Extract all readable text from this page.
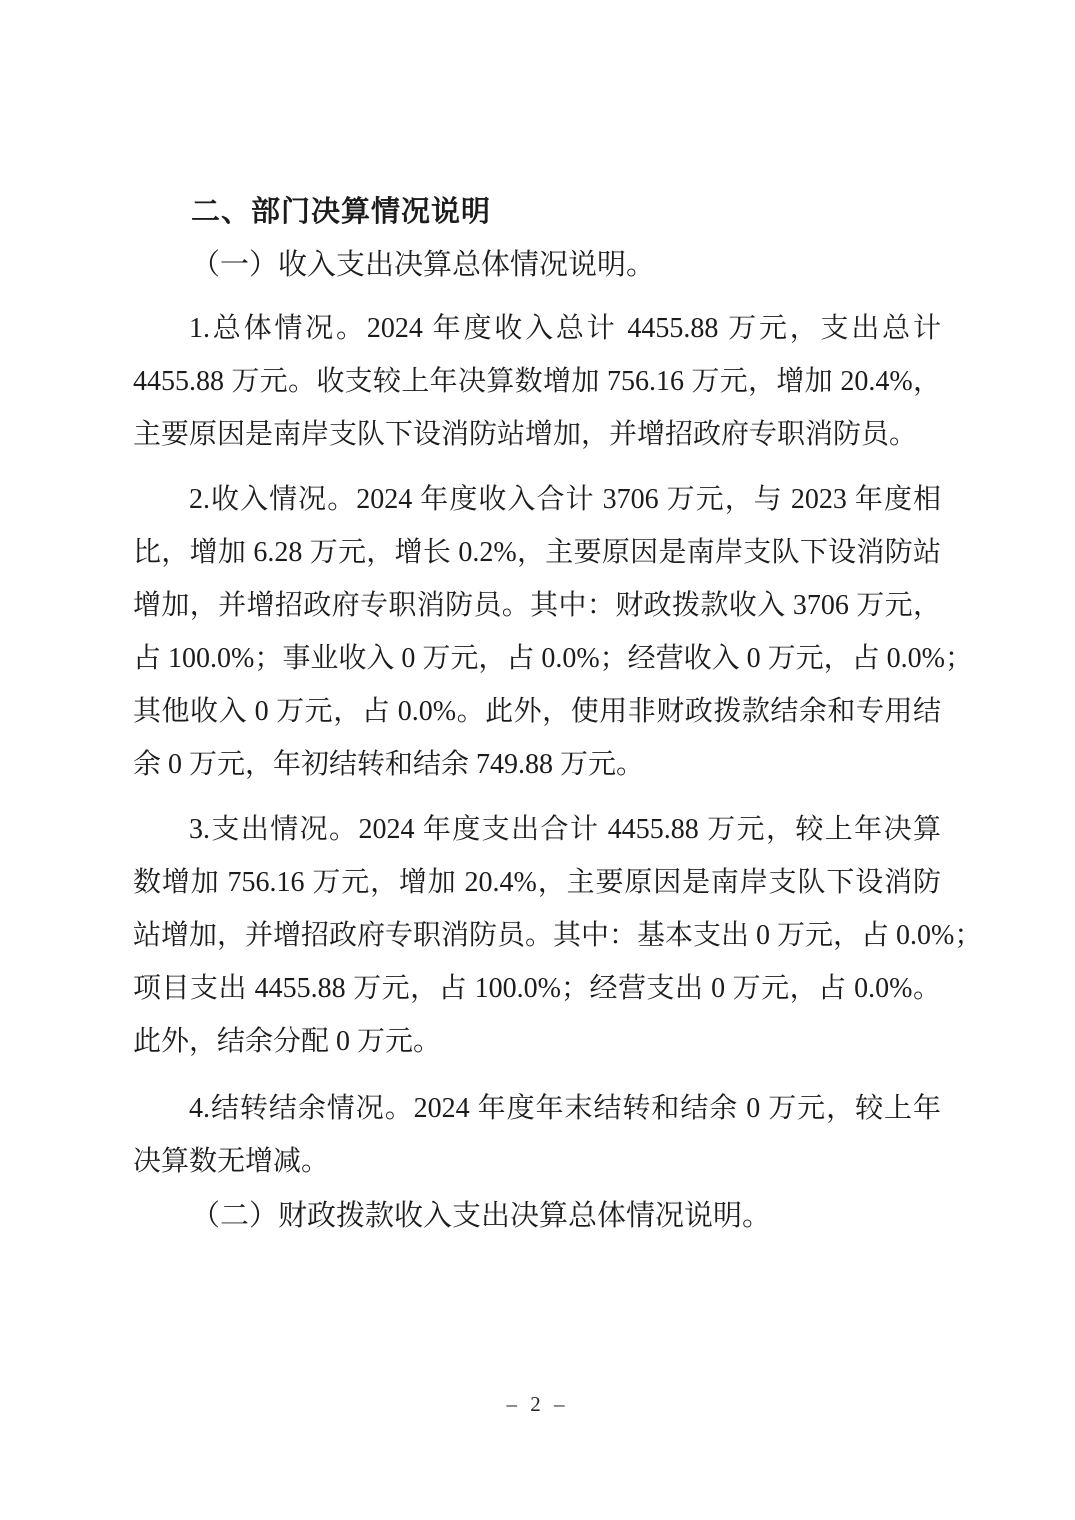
二、部门决算情况说明
（一）收入支出决算总体情况说明。
1.总体情况。2024 年度收入总计 4455.88 万元，支出总计
4455.88 万元。收支较上年决算数增加 756.16 万元，增加 20.4%，
主要原因是南岸支队下设消防站增加，并增招政府专职消防员。
2.收入情况。2024 年度收入合计 3706 万元，与 2023 年度相
比，增加 6.28 万元，增长 0.2%，主要原因是南岸支队下设消防站
增加，并增招政府专职消防员。其中：财政拨款收入 3706 万元，
占 100.0%；事业收入 0 万元，占 0.0%；经营收入 0 万元，占 0.0%；
其他收入 0 万元，占 0.0%。此外，使用非财政拨款结余和专用结
余 0 万元，年初结转和结余 749.88 万元。
3.支出情况。2024 年度支出合计 4455.88 万元，较上年决算
数增加 756.16 万元，增加 20.4%，主要原因是南岸支队下设消防
站增加，并增招政府专职消防员。其中：基本支出 0 万元，占 0.0%；
项目支出 4455.88 万元，占 100.0%；经营支出 0 万元，占 0.0%。
此外，结余分配 0 万元。
4.结转结余情况。2024 年度年末结转和结余 0 万元，较上年
决算数无增减。
（二）财政拨款收入支出决算总体情况说明。
– 2 –
